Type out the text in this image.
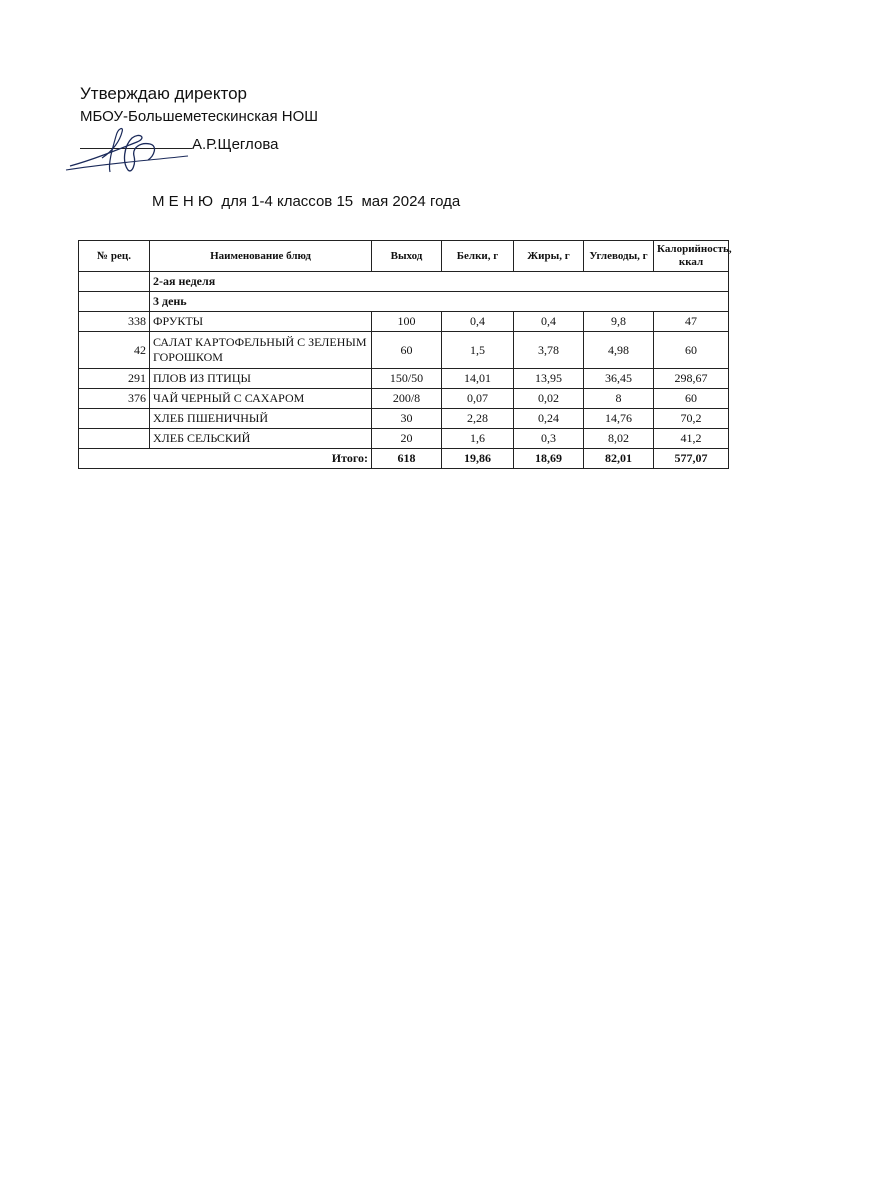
Утверждаю директор
МБОУ-Большеметескинская НОШ
А.Р.Щеглова
М Е Н Ю  для 1-4 классов 15  мая 2024 года
№ рец.	Наименование блюд	Выход	Белки, г	Жиры, г	Углеводы, г	Калорийность, ккал
	2-ая неделя					
	3 день					
338	ФРУКТЫ	100	0,4	0,4	9,8	47
42	САЛАТ КАРТОФЕЛЬНЫЙ С ЗЕЛЕНЫМ ГОРОШКОМ	60	1,5	3,78	4,98	60
291	ПЛОВ ИЗ ПТИЦЫ	150/50	14,01	13,95	36,45	298,67
376	ЧАЙ ЧЕРНЫЙ С САХАРОМ	200/8	0,07	0,02	8	60
	ХЛЕБ ПШЕНИЧНЫЙ	30	2,28	0,24	14,76	70,2
	ХЛЕБ СЕЛЬСКИЙ	20	1,6	0,3	8,02	41,2
Итого:		618	19,86	18,69	82,01	577,07
